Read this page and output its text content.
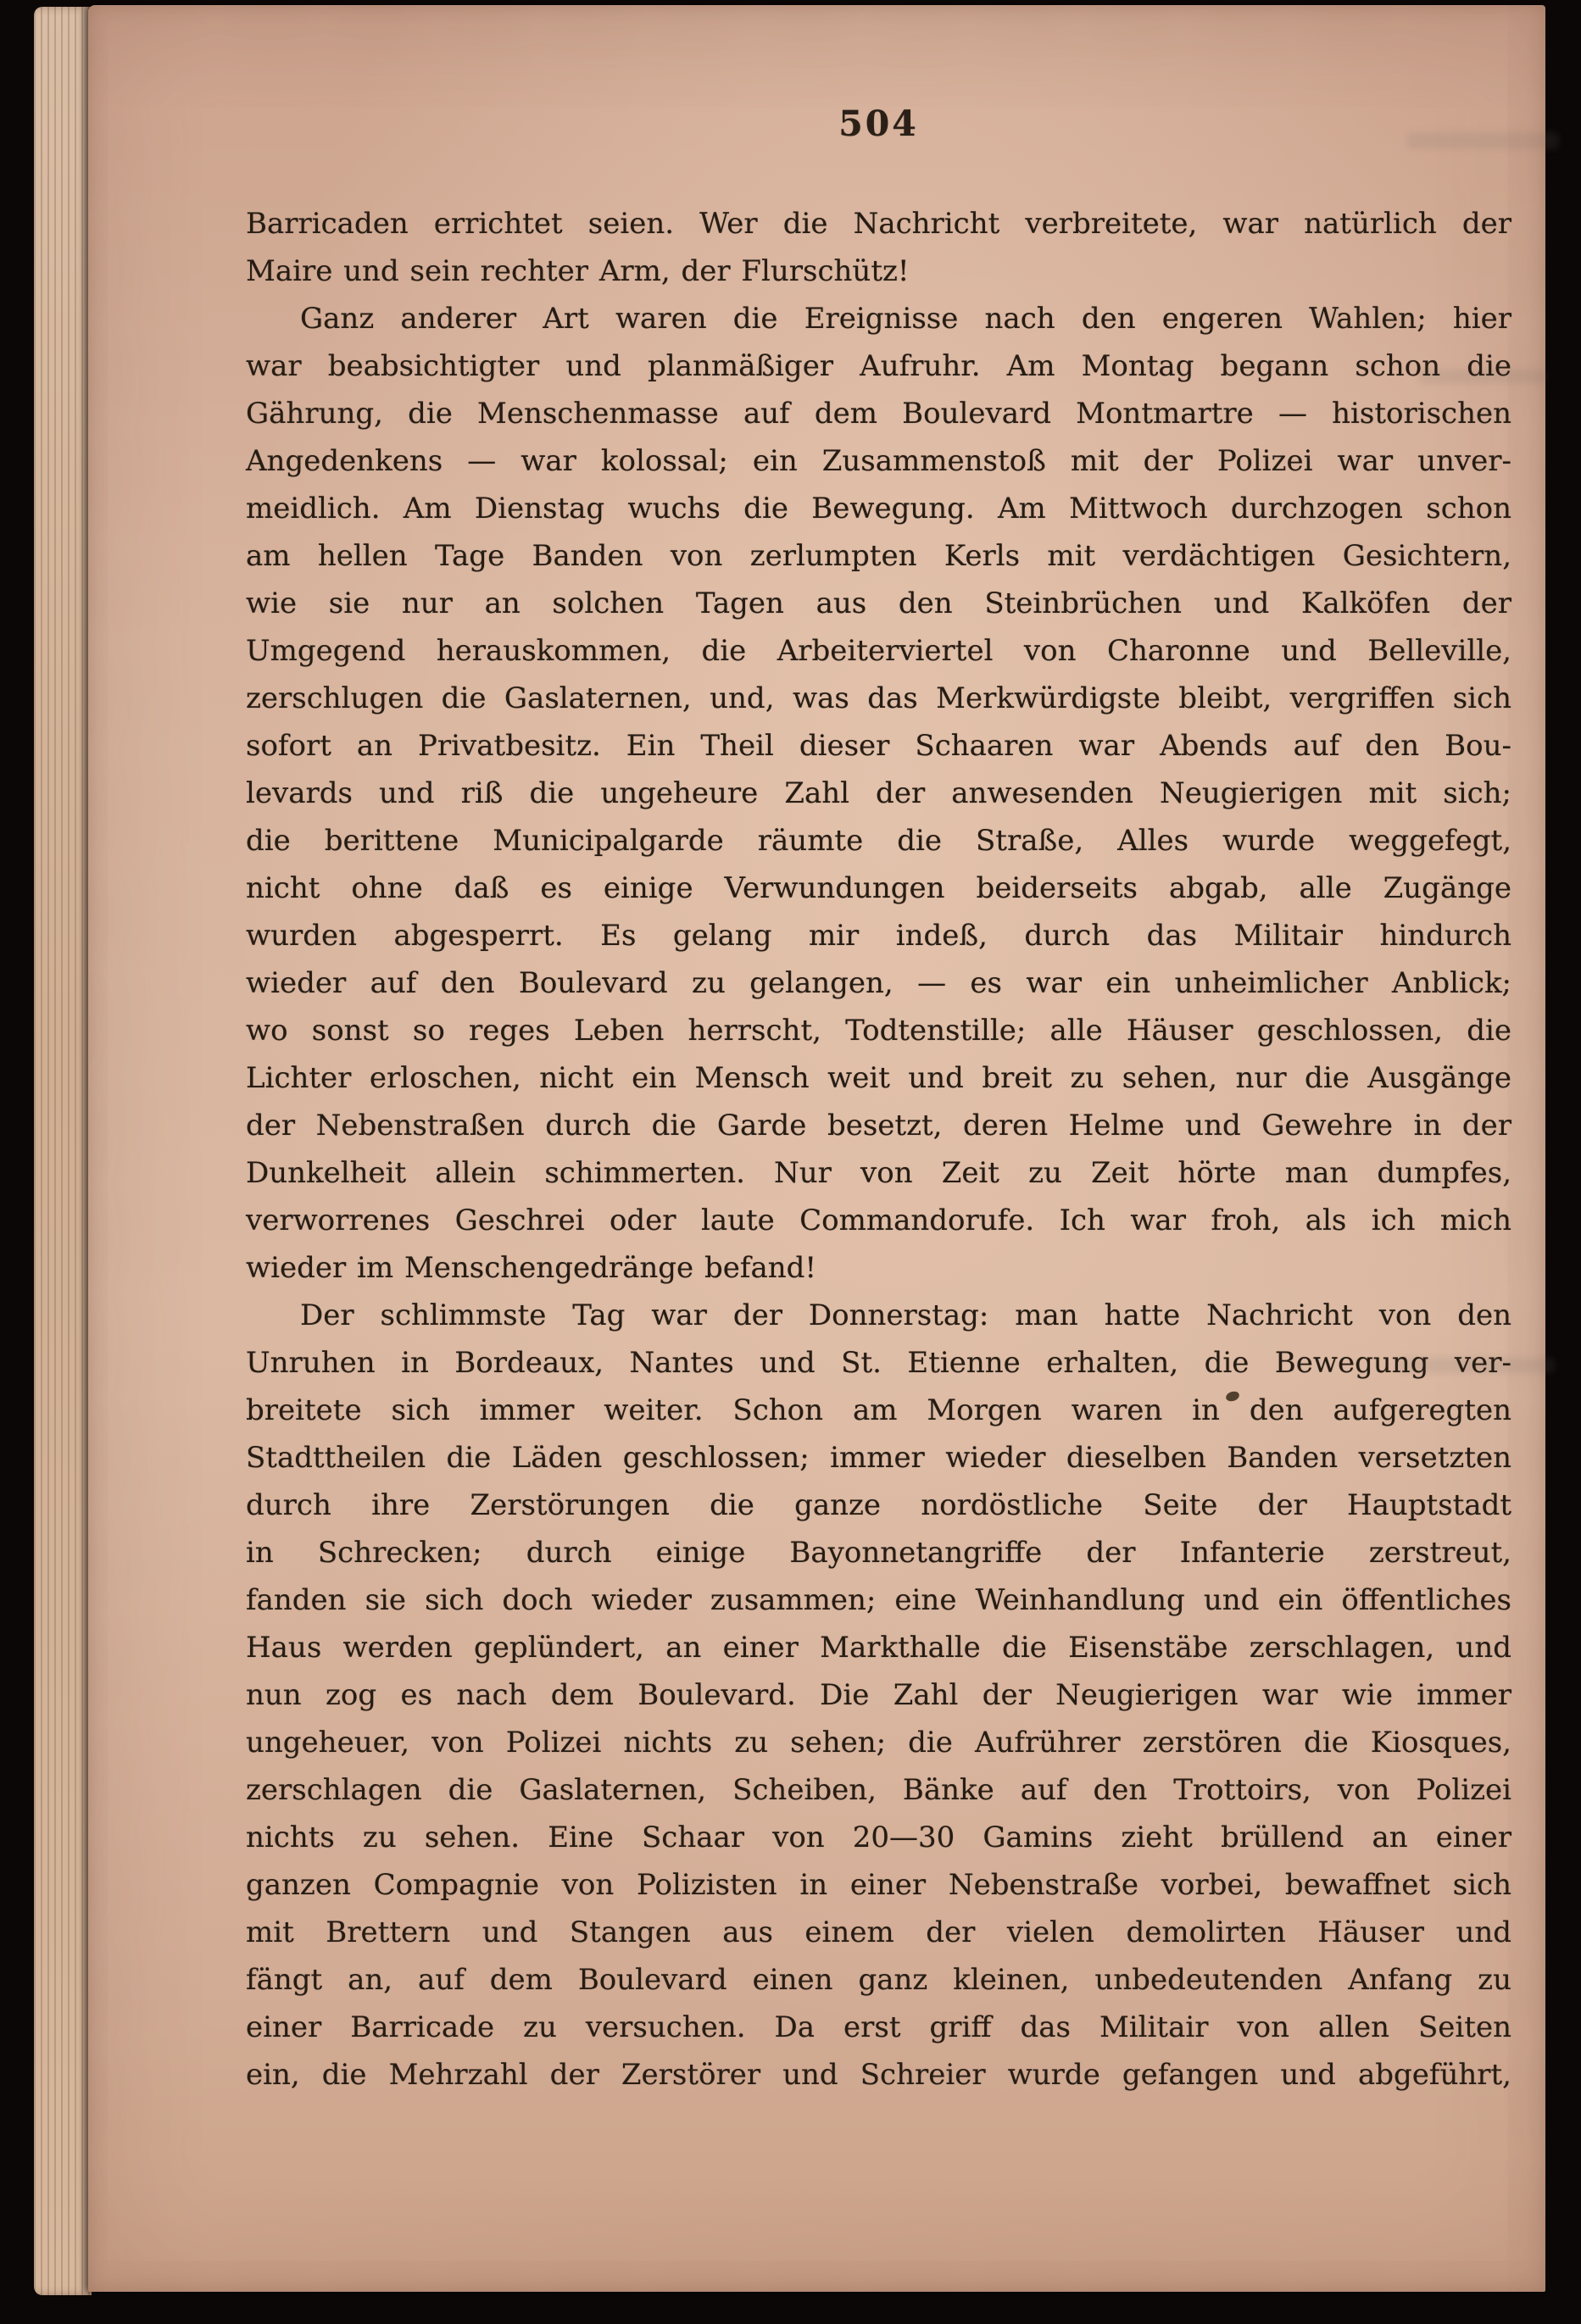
504
Barricaden errichtet seien. Wer die Nachricht verbreitete, war natürlich der
Maire und sein rechter Arm, der Flurschütz!
Ganz anderer Art waren die Ereignisse nach den engeren Wahlen; hier
war beabsichtigter und planmäßiger Aufruhr. Am Montag begann schon die
Gährung, die Menschenmasse auf dem Boulevard Montmartre — historischen
Angedenkens — war kolossal; ein Zusammenstoß mit der Polizei war unver-
meidlich. Am Dienstag wuchs die Bewegung. Am Mittwoch durchzogen schon
am hellen Tage Banden von zerlumpten Kerls mit verdächtigen Gesichtern,
wie sie nur an solchen Tagen aus den Steinbrüchen und Kalköfen der
Umgegend herauskommen, die Arbeiterviertel von Charonne und Belleville,
zerschlugen die Gaslaternen, und, was das Merkwürdigste bleibt, vergriffen sich
sofort an Privatbesitz. Ein Theil dieser Schaaren war Abends auf den Bou-
levards und riß die ungeheure Zahl der anwesenden Neugierigen mit sich;
die berittene Municipalgarde räumte die Straße, Alles wurde weggefegt,
nicht ohne daß es einige Verwundungen beiderseits abgab, alle Zugänge
wurden abgesperrt. Es gelang mir indeß, durch das Militair hindurch
wieder auf den Boulevard zu gelangen, — es war ein unheimlicher Anblick;
wo sonst so reges Leben herrscht, Todtenstille; alle Häuser geschlossen, die
Lichter erloschen, nicht ein Mensch weit und breit zu sehen, nur die Ausgänge
der Nebenstraßen durch die Garde besetzt, deren Helme und Gewehre in der
Dunkelheit allein schimmerten. Nur von Zeit zu Zeit hörte man dumpfes,
verworrenes Geschrei oder laute Commandorufe. Ich war froh, als ich mich
wieder im Menschengedränge befand!
Der schlimmste Tag war der Donnerstag: man hatte Nachricht von den
Unruhen in Bordeaux, Nantes und St. Etienne erhalten, die Bewegung ver-
breitete sich immer weiter. Schon am Morgen waren in den aufgeregten
Stadttheilen die Läden geschlossen; immer wieder dieselben Banden versetzten
durch ihre Zerstörungen die ganze nordöstliche Seite der Hauptstadt
in Schrecken; durch einige Bayonnetangriffe der Infanterie zerstreut,
fanden sie sich doch wieder zusammen; eine Weinhandlung und ein öffentliches
Haus werden geplündert, an einer Markthalle die Eisenstäbe zerschlagen, und
nun zog es nach dem Boulevard. Die Zahl der Neugierigen war wie immer
ungeheuer, von Polizei nichts zu sehen; die Aufrührer zerstören die Kiosques,
zerschlagen die Gaslaternen, Scheiben, Bänke auf den Trottoirs, von Polizei
nichts zu sehen. Eine Schaar von 20—30 Gamins zieht brüllend an einer
ganzen Compagnie von Polizisten in einer Nebenstraße vorbei, bewaffnet sich
mit Brettern und Stangen aus einem der vielen demolirten Häuser und
fängt an, auf dem Boulevard einen ganz kleinen, unbedeutenden Anfang zu
einer Barricade zu versuchen. Da erst griff das Militair von allen Seiten
ein, die Mehrzahl der Zerstörer und Schreier wurde gefangen und abgeführt,
